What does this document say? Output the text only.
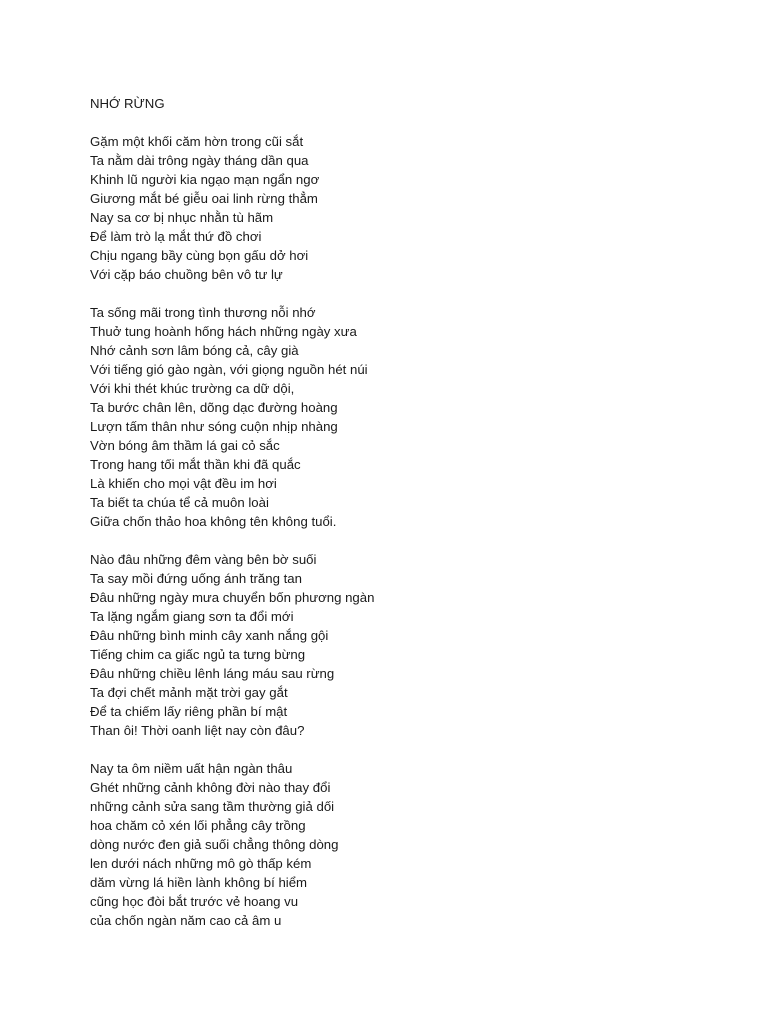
NHỚ RỪNG
Gặm một khối căm hờn trong cũi sắt
Ta nằm dài trông ngày tháng dần qua
Khinh lũ người kia ngạo mạn ngẩn ngơ
Giương mắt bé giễu oai linh rừng thẳm
Nay sa cơ bị nhục nhằn tù hãm
Để làm trò lạ mắt thứ đồ chơi
Chịu ngang bầy cùng bọn gấu dở hơi
Với cặp báo chuồng bên vô tư lự
Ta sống mãi trong tình thương nỗi nhớ
Thuở tung hoành hống hách những ngày xưa
Nhớ cảnh sơn lâm bóng cả, cây già
Với tiếng gió gào ngàn, với giọng nguồn hét núi
Với khi thét khúc trường ca dữ dội,
Ta bước chân lên, dõng dạc đường hoàng
Lượn tấm thân như sóng cuộn nhịp nhàng
Vờn bóng âm thầm lá gai cỏ sắc
Trong hang tối mắt thần khi đã quắc
Là khiến cho mọi vật đều im hơi
Ta biết ta chúa tể cả muôn loài
Giữa chốn thảo hoa không tên không tuổi.
Nào đâu những đêm vàng bên bờ suối
Ta say mồi đứng uống ánh trăng tan
Đâu những ngày mưa chuyển bốn phương ngàn
Ta lặng ngắm giang sơn ta đổi mới
Đâu những bình minh cây xanh nắng gội
Tiếng chim ca giấc ngủ ta tưng bừng
Đâu những chiều lênh láng máu sau rừng
Ta đợi chết mảnh mặt trời gay gắt
Để ta chiếm lấy riêng phần bí mật
Than ôi! Thời oanh liệt nay còn đâu?
Nay ta ôm niềm uất hận ngàn thâu
Ghét những cảnh không đời nào thay đổi
những cảnh sửa sang tầm thường giả dối
hoa chăm cỏ xén lối phẳng cây trồng
dòng nước đen giả suối chẳng thông dòng
len dưới nách những mô gò thấp kém
dăm vừng lá hiền lành không bí hiểm
cũng học đòi bắt trước vẻ hoang vu
của chốn ngàn năm cao cả âm u
